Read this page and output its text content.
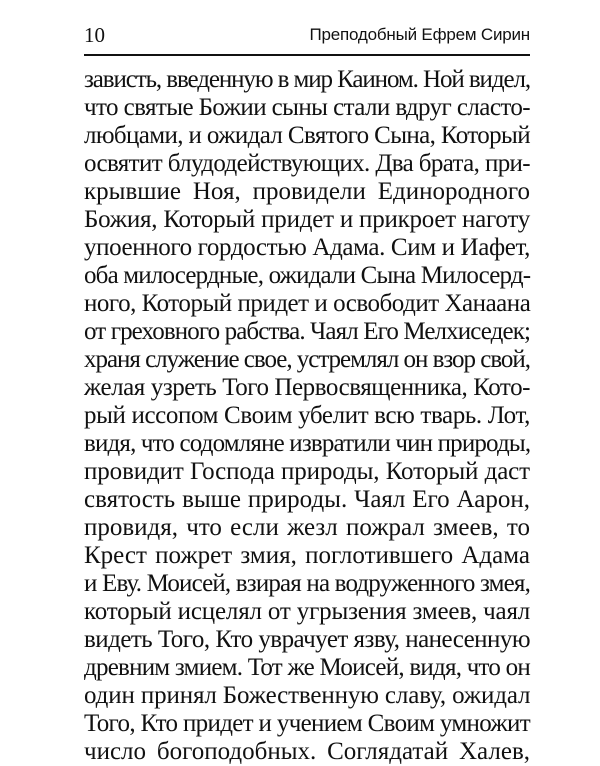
10	Преподобный Ефрем Сирин
зависть, введенную в мир Каином. Ной видел,
что святые Божии сыны стали вдруг сласто-
любцами, и ожидал Святого Сына, Который
освятит блудодействующих. Два брата, при-
крывшие Ноя, провидели Единородного
Божия, Который придет и прикроет наготу
упоенного гордостью Адама. Сим и Иафет,
оба милосердные, ожидали Сына Милосерд-
ного, Который придет и освободит Ханаана
от греховного рабства. Чаял Его Мелхиседек;
храня служение свое, устремлял он взор свой,
желая узреть Того Первосвященника, Кото-
рый иссопом Своим убелит всю тварь. Лот,
видя, что содомляне извратили чин природы,
провидит Господа природы, Который даст
святость выше природы. Чаял Его Аарон,
провидя, что если жезл пожрал змеев, то
Крест пожрет змия, поглотившего Адама
и Еву. Моисей, взирая на водруженного змея,
который исцелял от угрызения змеев, чаял
видеть Того, Кто уврачует язву, нанесенную
древним змием. Тот же Моисей, видя, что он
один принял Божественную славу, ожидал
Того, Кто придет и учением Своим умножит
число богоподобных. Соглядатай Халев,
